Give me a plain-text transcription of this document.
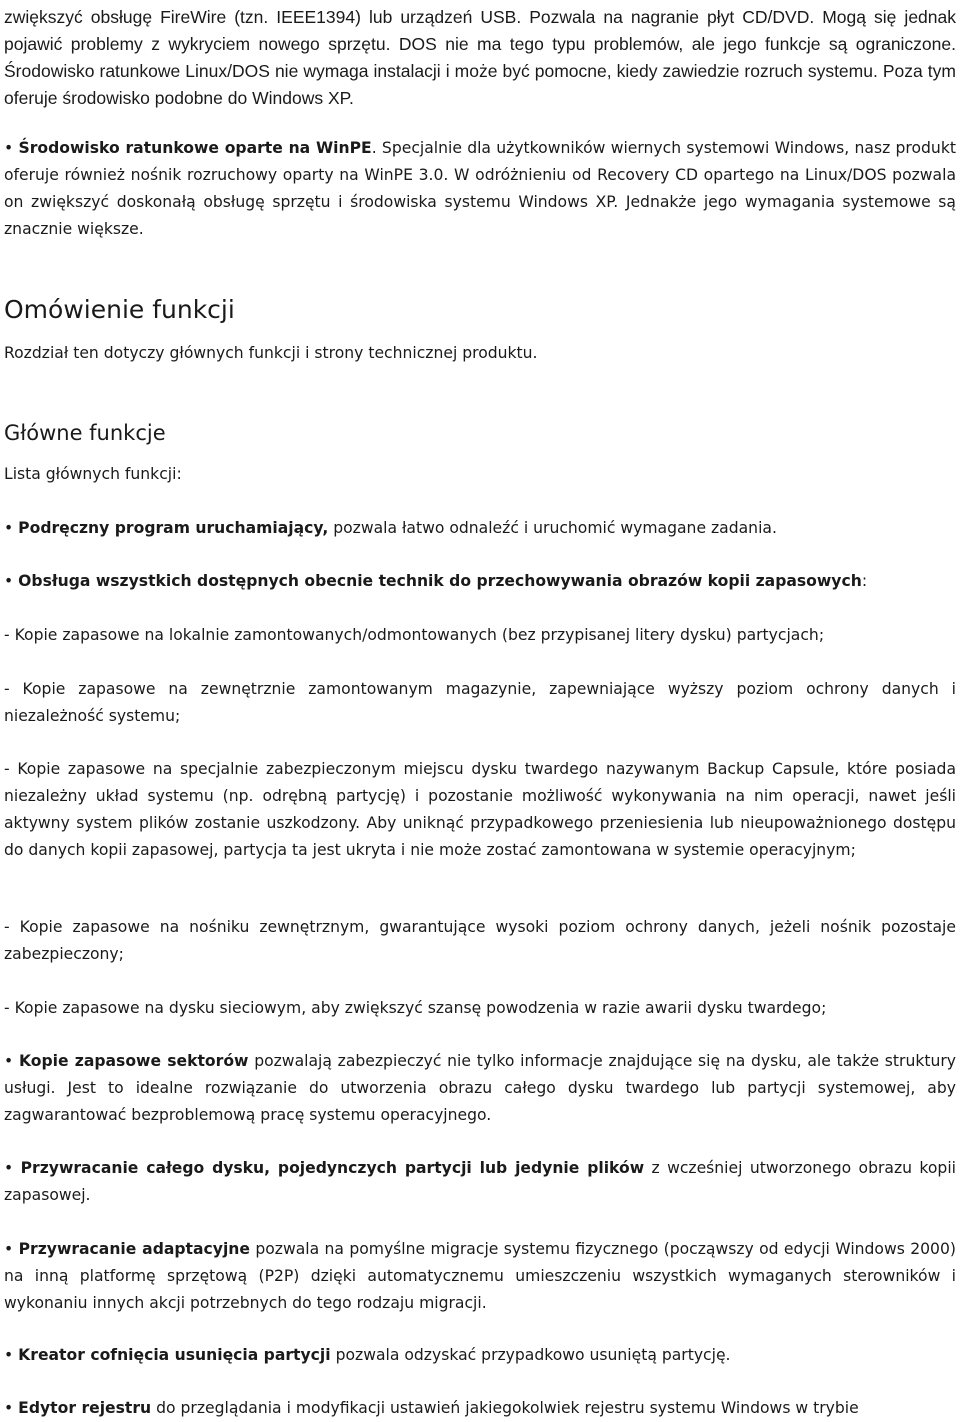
zwiększyć obsługę FireWire (tzn. IEEE1394) lub urządzeń USB. Pozwala na nagranie płyt CD/DVD. Mogą się jednak pojawić problemy z wykryciem nowego sprzętu. DOS nie ma tego typu problemów, ale jego funkcje są ograniczone. Środowisko ratunkowe Linux/DOS nie wymaga instalacji i może być pomocne, kiedy zawiedzie rozruch systemu. Poza tym oferuje środowisko podobne do Windows XP.

• Środowisko ratunkowe oparte na WinPE. Specjalnie dla użytkowników wiernych systemowi Windows, nasz produkt oferuje również nośnik rozruchowy oparty na WinPE 3.0. W odróżnieniu od Recovery CD opartego na Linux/DOS pozwala on zwiększyć doskonałą obsługę sprzętu i środowiska systemu Windows XP. Jednakże jego wymagania systemowe są znacznie większe.

Omówienie funkcji

Rozdział ten dotyczy głównych funkcji i strony technicznej produktu.

Główne funkcje

Lista głównych funkcji:

• Podręczny program uruchamiający, pozwala łatwo odnaleźć i uruchomić wymagane zadania.

• Obsługa wszystkich dostępnych obecnie technik do przechowywania obrazów kopii zapasowych:

- Kopie zapasowe na lokalnie zamontowanych/odmontowanych (bez przypisanej litery dysku) partycjach;

- Kopie zapasowe na zewnętrznie zamontowanym magazynie, zapewniające wyższy poziom ochrony danych i niezależność systemu;

- Kopie zapasowe na specjalnie zabezpieczonym miejscu dysku twardego nazywanym Backup Capsule, które posiada niezależny układ systemu (np. odrębną partycję) i pozostanie możliwość wykonywania na nim operacji, nawet jeśli aktywny system plików zostanie uszkodzony. Aby uniknąć przypadkowego przeniesienia lub nieupoważnionego dostępu do danych kopii zapasowej, partycja ta jest ukryta i nie może zostać zamontowana w systemie operacyjnym;

- Kopie zapasowe na nośniku zewnętrznym, gwarantujące wysoki poziom ochrony danych, jeżeli nośnik pozostaje zabezpieczony;

- Kopie zapasowe na dysku sieciowym, aby zwiększyć szansę powodzenia w razie awarii dysku twardego;

• Kopie zapasowe sektorów pozwalają zabezpieczyć nie tylko informacje znajdujące się na dysku, ale także struktury usługi. Jest to idealne rozwiązanie do utworzenia obrazu całego dysku twardego lub partycji systemowej, aby zagwarantować bezproblemową pracę systemu operacyjnego.

• Przywracanie całego dysku, pojedynczych partycji lub jedynie plików z wcześniej utworzonego obrazu kopii zapasowej.

• Przywracanie adaptacyjne pozwala na pomyślne migracje systemu fizycznego (począwszy od edycji Windows 2000) na inną platformę sprzętową (P2P) dzięki automatycznemu umieszczeniu wszystkich wymaganych sterowników i wykonaniu innych akcji potrzebnych do tego rodzaju migracji.

• Kreator cofnięcia usunięcia partycji pozwala odzyskać przypadkowo usuniętą partycję.

• Edytor rejestru do przeglądania i modyfikacji ustawień jakiegokolwiek rejestru systemu Windows w trybie
